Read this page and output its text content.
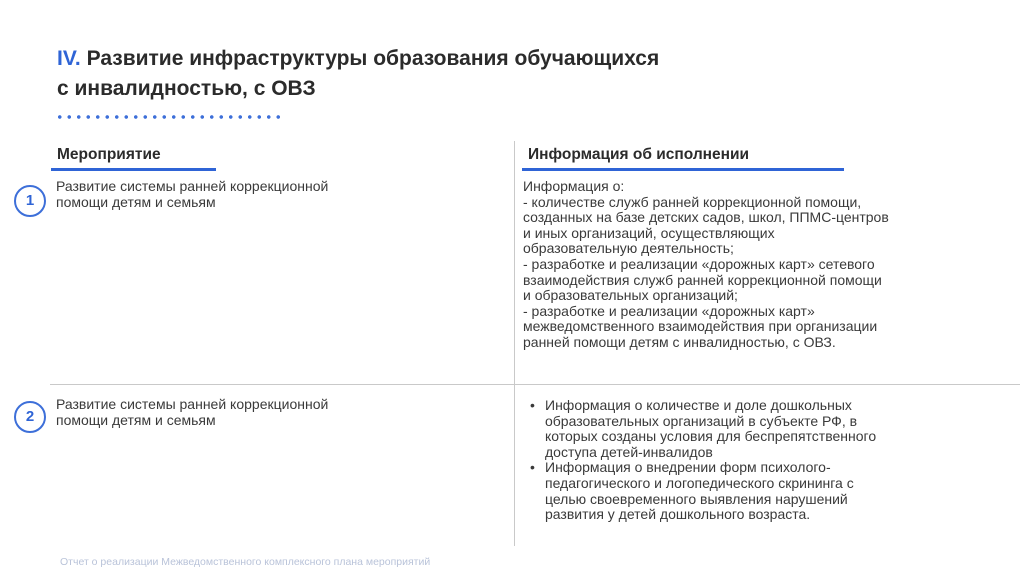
IV. Развитие инфраструктуры образования обучающихся
с инвалидностью, с ОВЗ
Мероприятие	Информация об исполнении
1
Развитие системы ранней коррекционной
помощи детям и семьям
Информация о:
- количестве служб ранней коррекционной помощи,
созданных на базе детских садов, школ, ППМС-центров
и иных организаций, осуществляющих
образовательную деятельность;
- разработке и реализации «дорожных карт» сетевого
взаимодействия служб ранней коррекционной помощи
и образовательных организаций;
- разработке и реализации «дорожных карт»
межведомственного взаимодействия при организации
ранней помощи детям с инвалидностью, с ОВЗ.
2
Развитие системы ранней коррекционной
помощи детям и семьям
• Информация о количестве и доле дошкольных
образовательных организаций в субъекте РФ, в
которых созданы условия для беспрепятственного
доступа детей-инвалидов
• Информация о внедрении форм психолого-
педагогического и логопедического скрининга с
целью своевременного выявления нарушений
развития у детей дошкольного возраста.
Отчет о реализации Межведомственного комплексного плана мероприятий
